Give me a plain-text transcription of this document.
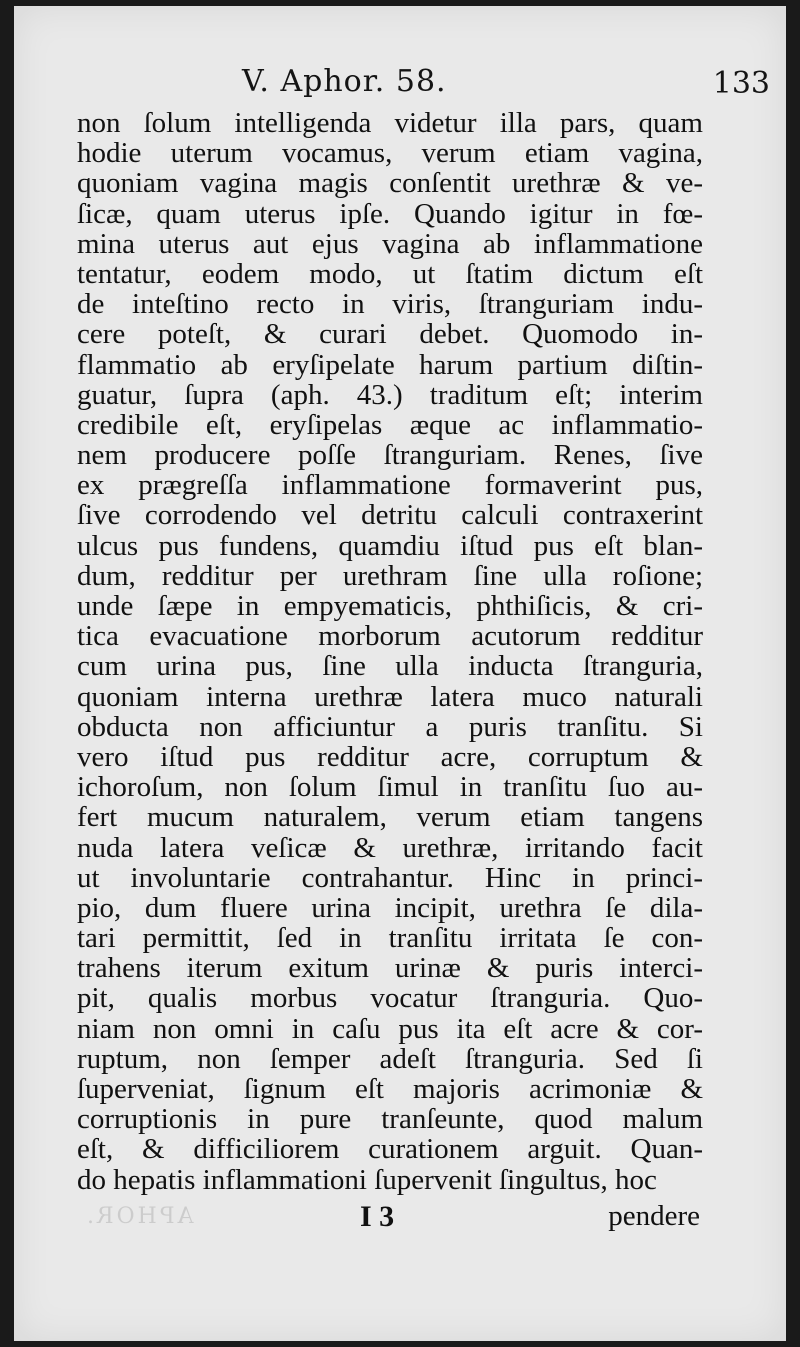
V. Aphor. 58.	133
non ſolum intelligenda videtur illa pars, quam
hodie uterum vocamus, verum etiam vagina,
quoniam vagina magis conſentit urethræ & ve-
ſicæ, quam uterus ipſe. Quando igitur in fœ-
mina uterus aut ejus vagina ab inflammatione
tentatur, eodem modo, ut ſtatim dictum eſt
de inteſtino recto in viris, ſtranguriam indu-
cere poteſt, & curari debet. Quomodo in-
flammatio ab eryſipelate harum partium diſtin-
guatur, ſupra (aph. 43.) traditum eſt; interim
credibile eſt, eryſipelas æque ac inflammatio-
nem producere poſſe ſtranguriam. Renes, ſive
ex prægreſſa inflammatione formaverint pus,
ſive corrodendo vel detritu calculi contraxerint
ulcus pus fundens, quamdiu iſtud pus eſt blan-
dum, redditur per urethram ſine ulla roſione;
unde ſæpe in empyematicis, phthiſicis, & cri-
tica evacuatione morborum acutorum redditur
cum urina pus, ſine ulla inducta ſtranguria,
quoniam interna urethræ latera muco naturali
obducta non afficiuntur a puris tranſitu. Si
vero iſtud pus redditur acre, corruptum &
ichoroſum, non ſolum ſimul in tranſitu ſuo au-
fert mucum naturalem, verum etiam tangens
nuda latera veſicæ & urethræ, irritando facit
ut involuntarie contrahantur. Hinc in princi-
pio, dum fluere urina incipit, urethra ſe dila-
tari permittit, ſed in tranſitu irritata ſe con-
trahens iterum exitum urinæ & puris interci-
pit, qualis morbus vocatur ſtranguria. Quo-
niam non omni in caſu pus ita eſt acre & cor-
ruptum, non ſemper adeſt ſtranguria. Sed ſi
ſuperveniat, ſignum eſt majoris acrimoniæ &
corruptionis in pure tranſeunte, quod malum
eſt, & difficiliorem curationem arguit. Quan-
do hepatis inflammationi ſupervenit ſingultus, hoc
APHOR.	I 3	pendere
